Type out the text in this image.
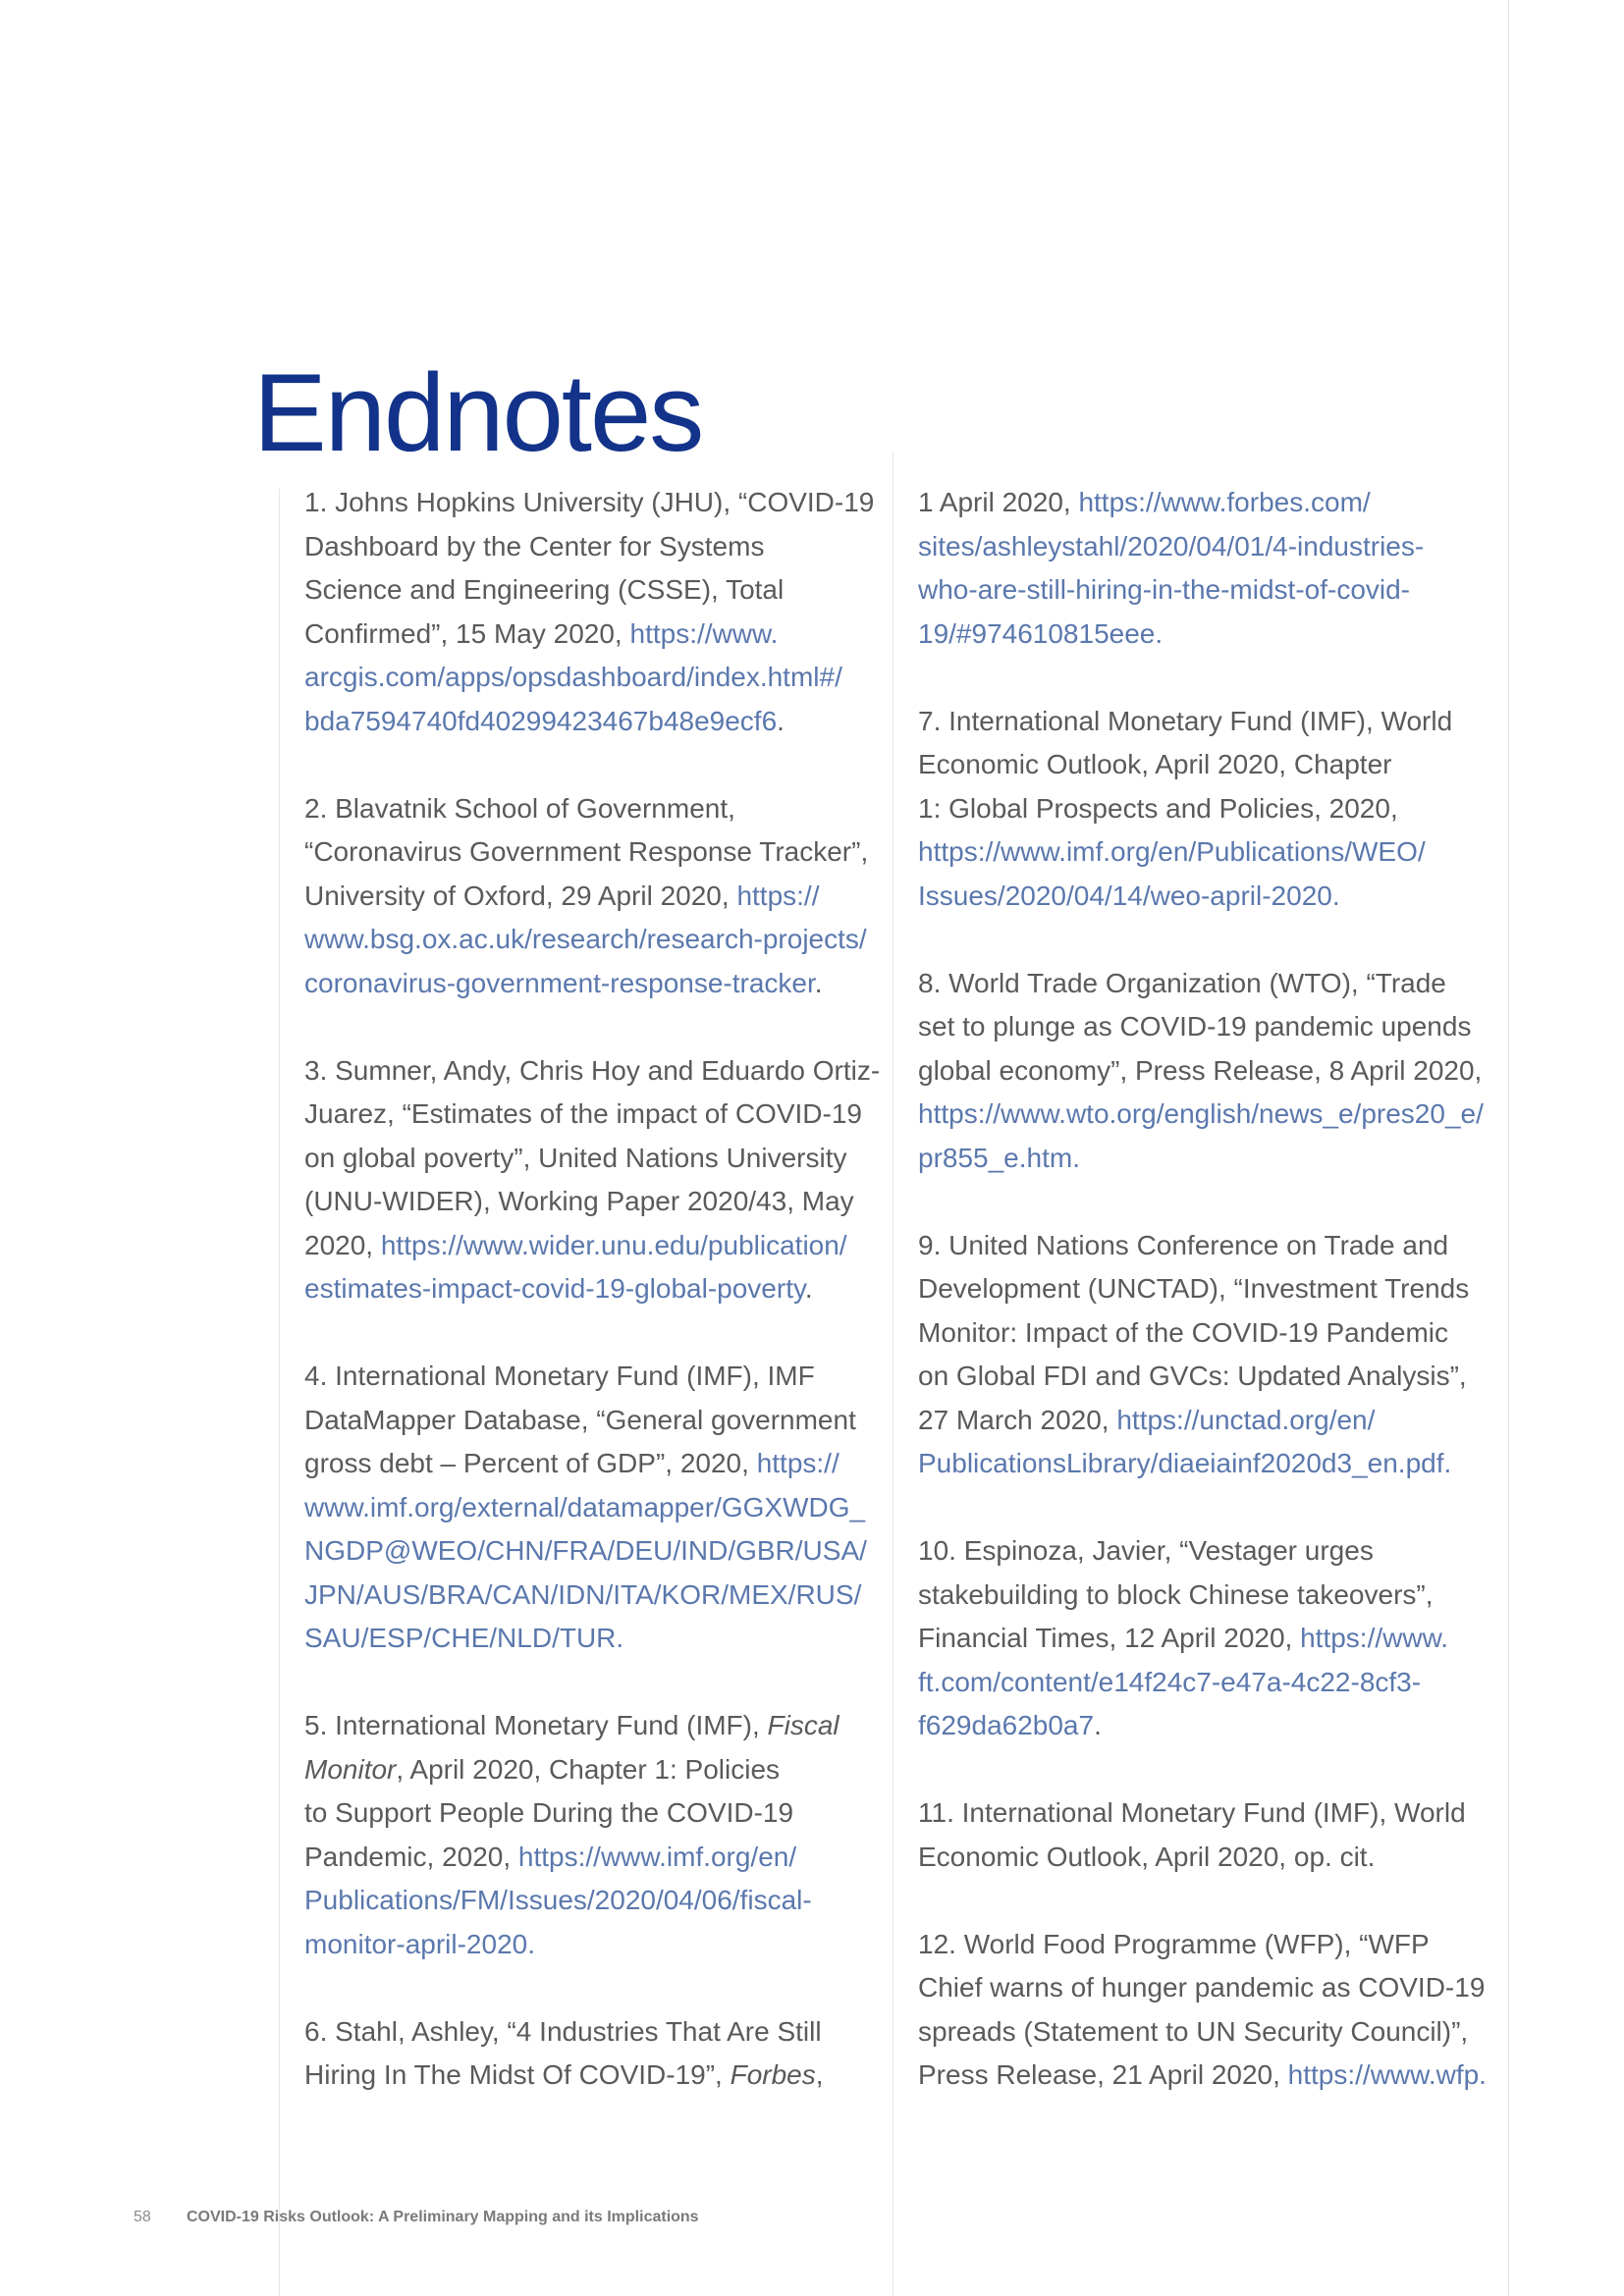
Endnotes
1. Johns Hopkins University (JHU), “COVID-19
Dashboard by the Center for Systems
Science and Engineering (CSSE), Total
Confirmed”, 15 May 2020, https://www.
arcgis.com/apps/opsdashboard/index.html#/
bda7594740fd40299423467b48e9ecf6.
2. Blavatnik School of Government,
“Coronavirus Government Response Tracker”,
University of Oxford, 29 April 2020, https://
www.bsg.ox.ac.uk/research/research-projects/
coronavirus-government-response-tracker.
3. Sumner, Andy, Chris Hoy and Eduardo Ortiz-
Juarez, “Estimates of the impact of COVID-19
on global poverty”, United Nations University
(UNU-WIDER), Working Paper 2020/43, May
2020, https://www.wider.unu.edu/publication/
estimates-impact-covid-19-global-poverty.
4. International Monetary Fund (IMF), IMF
DataMapper Database, “General government
gross debt – Percent of GDP”, 2020, https://
www.imf.org/external/datamapper/GGXWDG_
NGDP@WEO/CHN/FRA/DEU/IND/GBR/USA/
JPN/AUS/BRA/CAN/IDN/ITA/KOR/MEX/RUS/
SAU/ESP/CHE/NLD/TUR.
5. International Monetary Fund (IMF), Fiscal
Monitor, April 2020, Chapter 1: Policies
to Support People During the COVID-19
Pandemic, 2020, https://www.imf.org/en/
Publications/FM/Issues/2020/04/06/fiscal-
monitor-april-2020.
6. Stahl, Ashley, “4 Industries That Are Still
Hiring In The Midst Of COVID-19”, Forbes,
1 April 2020, https://www.forbes.com/
sites/ashleystahl/2020/04/01/4-industries-
who-are-still-hiring-in-the-midst-of-covid-
19/#974610815eee.
7. International Monetary Fund (IMF), World
Economic Outlook, April 2020, Chapter
1: Global Prospects and Policies, 2020,
https://www.imf.org/en/Publications/WEO/
Issues/2020/04/14/weo-april-2020.
8. World Trade Organization (WTO), “Trade
set to plunge as COVID-19 pandemic upends
global economy”, Press Release, 8 April 2020,
https://www.wto.org/english/news_e/pres20_e/
pr855_e.htm.
9. United Nations Conference on Trade and
Development (UNCTAD), “Investment Trends
Monitor: Impact of the COVID-19 Pandemic
on Global FDI and GVCs: Updated Analysis”,
27 March 2020, https://unctad.org/en/
PublicationsLibrary/diaeiainf2020d3_en.pdf.
10. Espinoza, Javier, “Vestager urges
stakebuilding to block Chinese takeovers”,
Financial Times, 12 April 2020, https://www.
ft.com/content/e14f24c7-e47a-4c22-8cf3-
f629da62b0a7.
11. International Monetary Fund (IMF), World
Economic Outlook, April 2020, op. cit.
12. World Food Programme (WFP), “WFP
Chief warns of hunger pandemic as COVID-19
spreads (Statement to UN Security Council)”,
Press Release, 21 April 2020, https://www.wfp.
58 COVID-19 Risks Outlook: A Preliminary Mapping and its Implications
